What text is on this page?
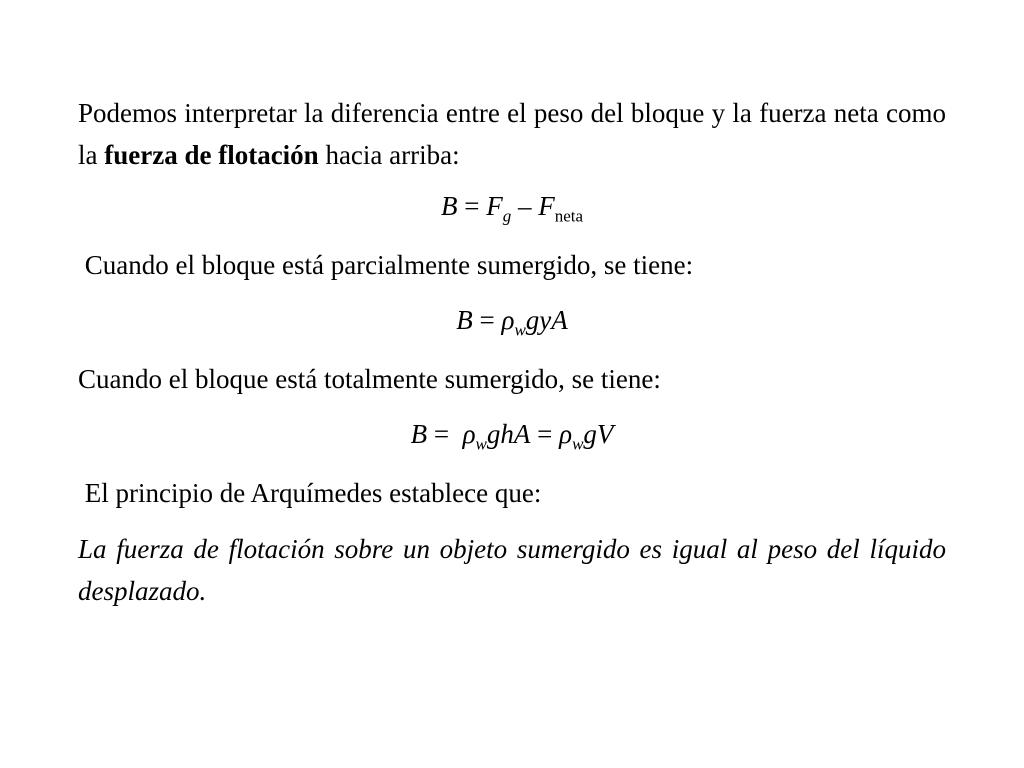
Podemos interpretar la diferencia entre el peso del bloque y la fuerza neta como la fuerza de flotación hacia arriba:

$B = F_g - F_{neta}$

Cuando el bloque está parcialmente sumergido, se tiene:

$B = \rho_wgyA$

Cuando el bloque está totalmente sumergido, se tiene:

$B = \rho_wghA = \rho_wgV$

El principio de Arquímedes establece que:

La fuerza de flotación sobre un objeto sumergido es igual al peso del líquido desplazado.
